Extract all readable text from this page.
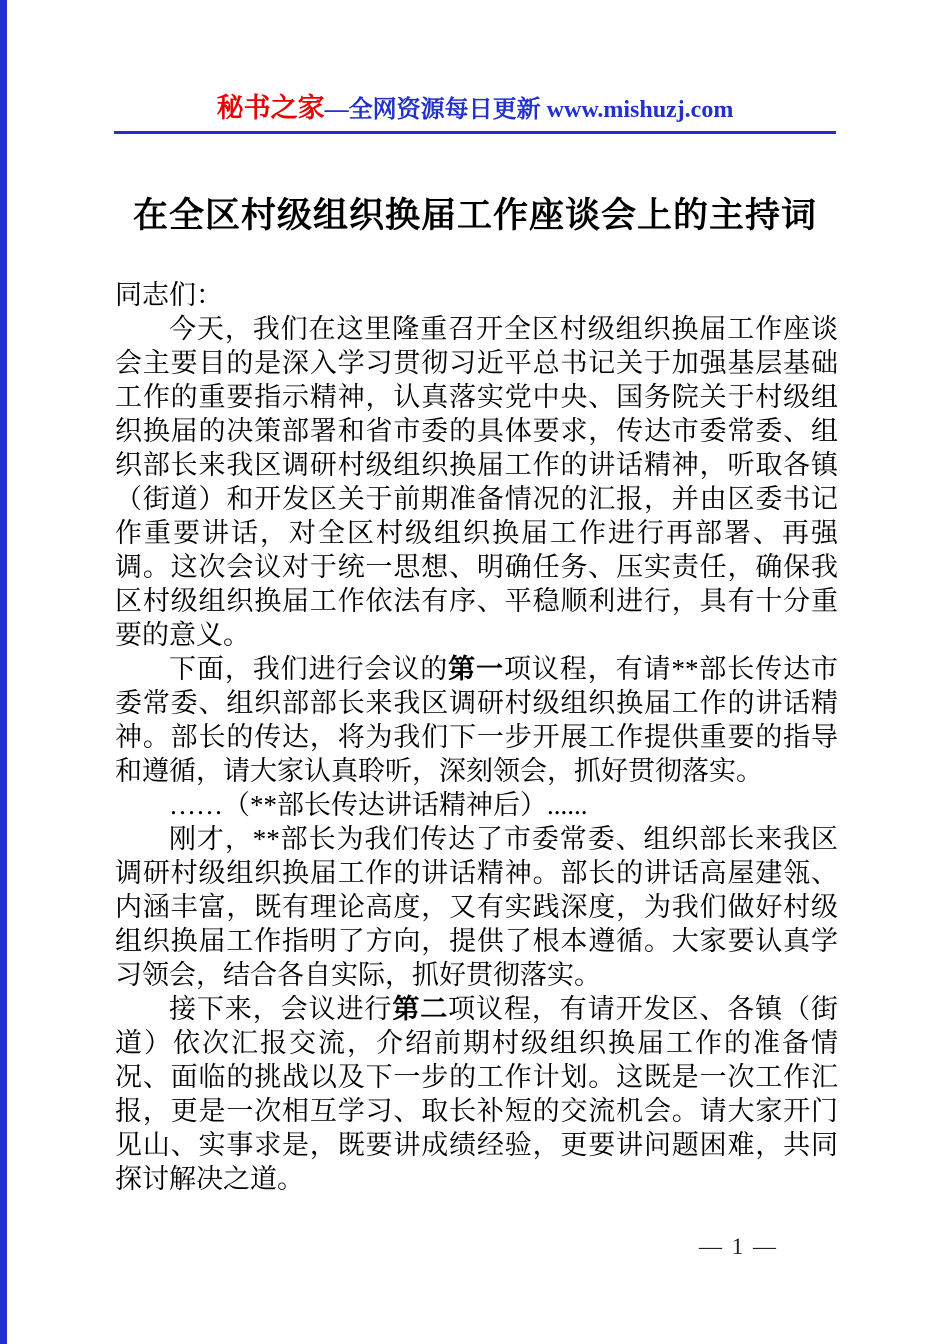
秘书之家—全网资源每日更新 www.mishuzj.com
在全区村级组织换届工作座谈会上的主持词

同志们：

今天，我们在这里隆重召开全区村级组织换届工作座谈会主要目的是深入学习贯彻习近平总书记关于加强基层基础工作的重要指示精神，认真落实党中央、国务院关于村级组织换届的决策部署和省市委的具体要求，传达市委常委、组织部长来我区调研村级组织换届工作的讲话精神，听取各镇（街道）和开发区关于前期准备情况的汇报，并由区委书记作重要讲话，对全区村级组织换届工作进行再部署、再强调。这次会议对于统一思想、明确任务、压实责任，确保我区村级组织换届工作依法有序、平稳顺利进行，具有十分重要的意义。

下面，我们进行会议的第一项议程，有请**部长传达市委常委、组织部部长来我区调研村级组织换届工作的讲话精神。部长的传达，将为我们下一步开展工作提供重要的指导和遵循，请大家认真聆听，深刻领会，抓好贯彻落实。

……（**部长传达讲话精神后）......

刚才，**部长为我们传达了市委常委、组织部长来我区调研村级组织换届工作的讲话精神。部长的讲话高屋建瓴、内涵丰富，既有理论高度，又有实践深度，为我们做好村级组织换届工作指明了方向，提供了根本遵循。大家要认真学习领会，结合各自实际，抓好贯彻落实。

接下来，会议进行第二项议程，有请开发区、各镇（街道）依次汇报交流，介绍前期村级组织换届工作的准备情况、面临的挑战以及下一步的工作计划。这既是一次工作汇报，更是一次相互学习、取长补短的交流机会。请大家开门见山、实事求是，既要讲成绩经验，更要讲问题困难，共同探讨解决之道。

— 1 —
